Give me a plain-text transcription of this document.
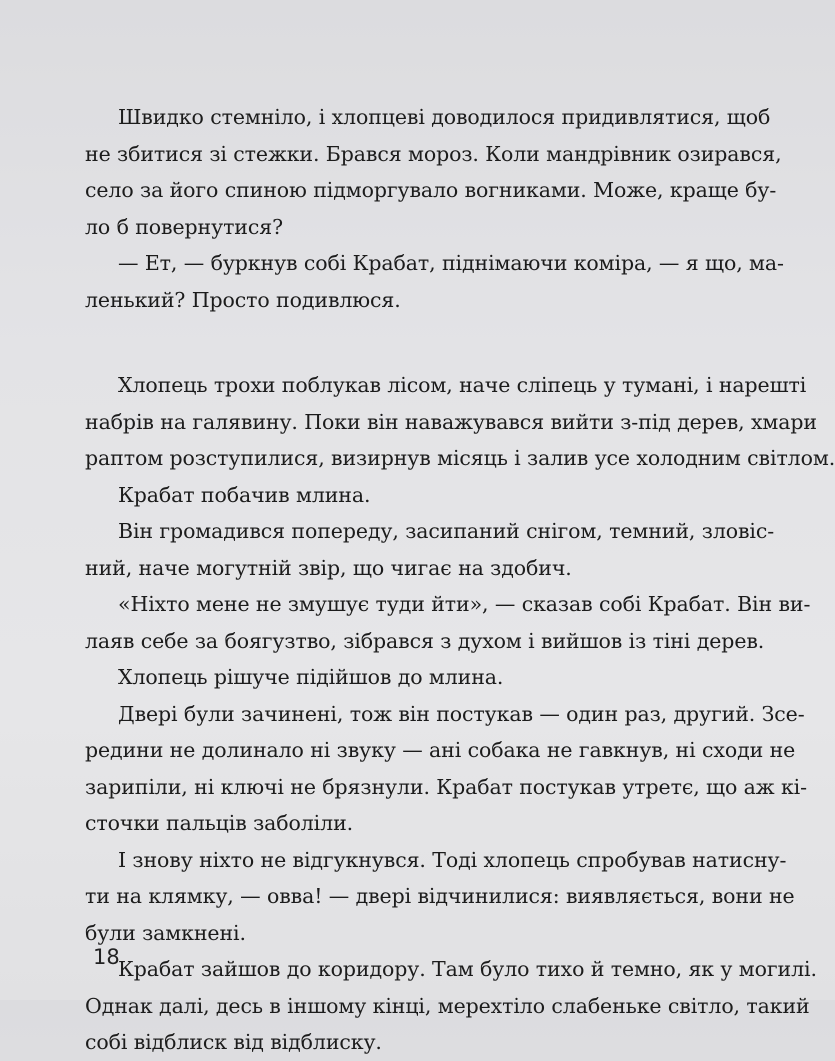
Швидко стемніло, і хлопцеві доводилося придивлятися, щоб
не збитися зі стежки. Брався мороз. Коли мандрівник озирався,
село за його спиною підморгувало вогниками. Може, краще бу-
ло б повернутися?

— Ет, — буркнув собі Крабат, піднімаючи коміра, — я що, ма-
ленький? Просто подивлюся.

Хлопець трохи поблукав лісом, наче сліпець у тумані, і нарешті
набрів на галявину. Поки він наважувався вийти з-під дерев, хмари
раптом розступилися, визирнув місяць і залив усе холодним світлом.

Крабат побачив млина.

Він громадився попереду, засипаний снігом, темний, зловіс-
ний, наче могутній звір, що чигає на здобич.

«Ніхто мене не змушує туди йти», — сказав собі Крабат. Він ви-
лаяв себе за боягузтво, зібрався з духом і вийшов із тіні дерев.

Хлопець рішуче підійшов до млина.

Двері були зачинені, тож він постукав — один раз, другий. Зсе-
редини не долинало ні звуку — ані собака не гавкнув, ні сходи не
зарипіли, ні ключі не брязнули. Крабат постукав утретє, що аж кі-
сточки пальців заболіли.

І знову ніхто не відгукнувся. Тоді хлопець спробував натисну-
ти на клямку, — овва! — двері відчинилися: виявляється, вони не
були замкнені.

Крабат зайшов до коридору. Там було тихо й темно, як у могилі.
Однак далі, десь в іншому кінці, мерехтіло слабеньке світло, такий
собі відблиск від відблиску.

18
